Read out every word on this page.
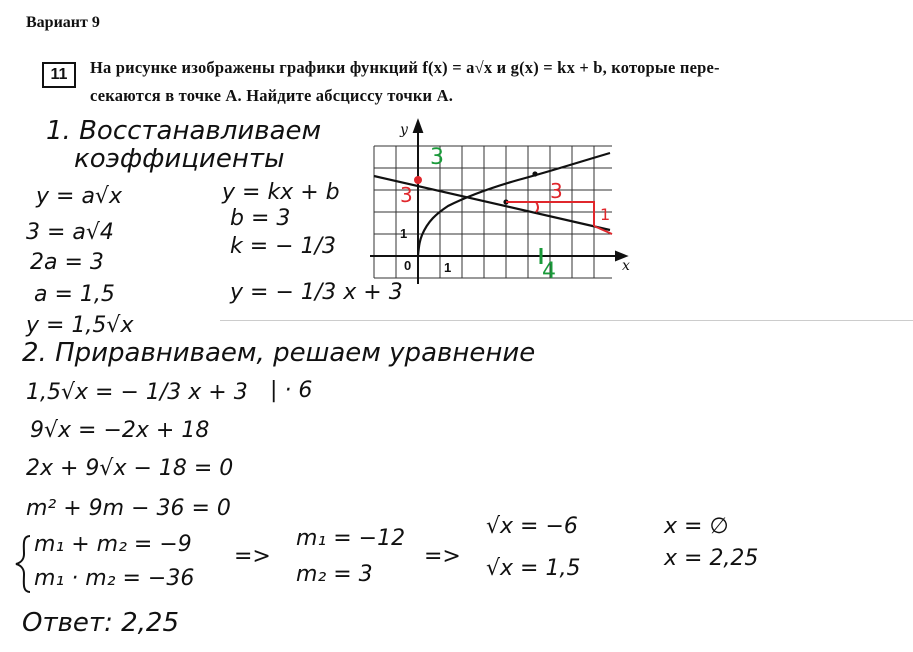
Вариант 9
11	На рисунке изображены графики функций f(x) = a√x и g(x) = kx + b, которые пере-
секаются в точке A. Найдите абсциссу точки A.
y
x
0	1
1
3
3	3
1
4
1. Восстанавливаем
коэффициенты
y = a√x
3 = a√4
2a = 3
a = 1,5
y = 1,5√x
y = kx + b
b = 3
k = − 1/3
y = − 1/3 x + 3
2. Приравниваем, решаем уравнение
1,5√x = − 1/3 x + 3 | · 6
9√x = −2x + 18
2x + 9√x − 18 = 0
m² + 9m − 36 = 0
m₁ + m₂ = −9
m₁ · m₂ = −36
=>
m₁ = −12
m₂ = 3
=>
√x = −6
√x = 1,5
x = ∅
x = 2,25
Ответ: 2,25
